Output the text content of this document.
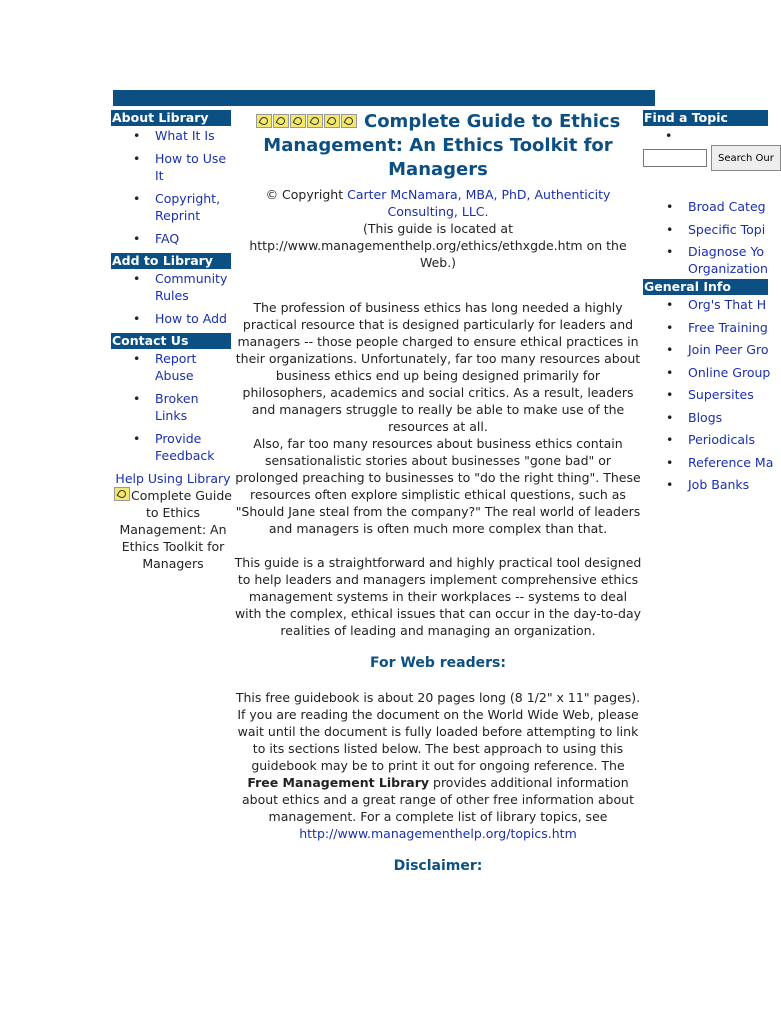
About Library
• What It Is
• How to Use It
• Copyright, Reprint
• FAQ
Add to Library
• Community Rules
• How to Add
Contact Us
• Report Abuse
• Broken Links
• Provide Feedback
Help Using Library
Complete Guide to Ethics Management: An Ethics Toolkit for Managers

Complete Guide to Ethics Management: An Ethics Toolkit for Managers

© Copyright Carter McNamara, MBA, PhD, Authenticity Consulting, LLC.
(This guide is located at http://www.managementhelp.org/ethics/ethxgde.htm on the Web.)

The profession of business ethics has long needed a highly practical resource that is designed particularly for leaders and managers -- those people charged to ensure ethical practices in their organizations. Unfortunately, far too many resources about business ethics end up being designed primarily for philosophers, academics and social critics. As a result, leaders and managers struggle to really be able to make use of the resources at all.

Also, far too many resources about business ethics contain sensationalistic stories about businesses "gone bad" or prolonged preaching to businesses to "do the right thing". These resources often explore simplistic ethical questions, such as "Should Jane steal from the company?" The real world of leaders and managers is often much more complex than that.

This guide is a straightforward and highly practical tool designed to help leaders and managers implement comprehensive ethics management systems in their workplaces -- systems to deal with the complex, ethical issues that can occur in the day-to-day realities of leading and managing an organization.

For Web readers:

This free guidebook is about 20 pages long (8 1/2" x 11" pages). If you are reading the document on the World Wide Web, please wait until the document is fully loaded before attempting to link to its sections listed below. The best approach to using this guidebook may be to print it out for ongoing reference. The Free Management Library provides additional information about ethics and a great range of other free information about management. For a complete list of library topics, see http://www.managementhelp.org/topics.htm

Disclaimer:

Find a Topic
•
Search Our
• Broad Categ
• Specific Topi
• Diagnose Yo
Organization
General Info
• Org's That H
• Free Training
• Join Peer Gro
• Online Group
• Supersites
• Blogs
• Periodicals
• Reference Ma
• Job Banks
